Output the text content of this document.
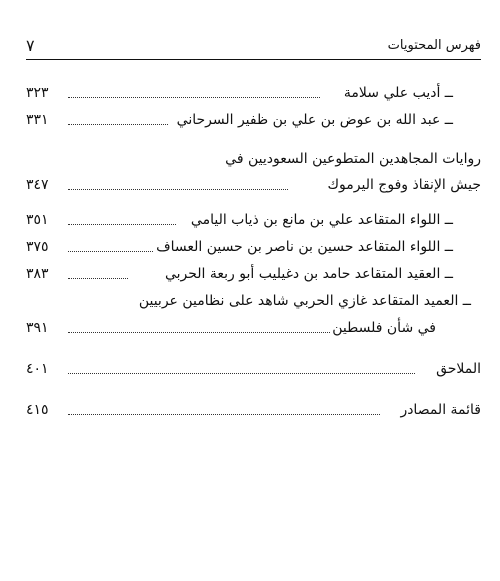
فهرس المحتويات
٧
ــ أديب علي سلامة
٣٢٣
ــ عبد الله بن عوض بن علي بن ظفير السرحاني
٣٣١
روايات المجاهدين المتطوعين السعوديين في
جيش الإنقاذ وفوج اليرموك
٣٤٧
ــ اللواء المتقاعد علي بن مانع بن ذياب اليامي
٣٥١
ــ اللواء المتقاعد حسين بن ناصر بن حسين العساف
٣٧٥
ــ العقيد المتقاعد حامد بن دغيليب أبو ربعة الحربي
٣٨٣
ــ العميد المتقاعد غازي الحربي شاهد على نظامين عربيين
في شأن فلسطين
٣٩١
الملاحق
٤٠١
قائمة المصادر
٤١٥
